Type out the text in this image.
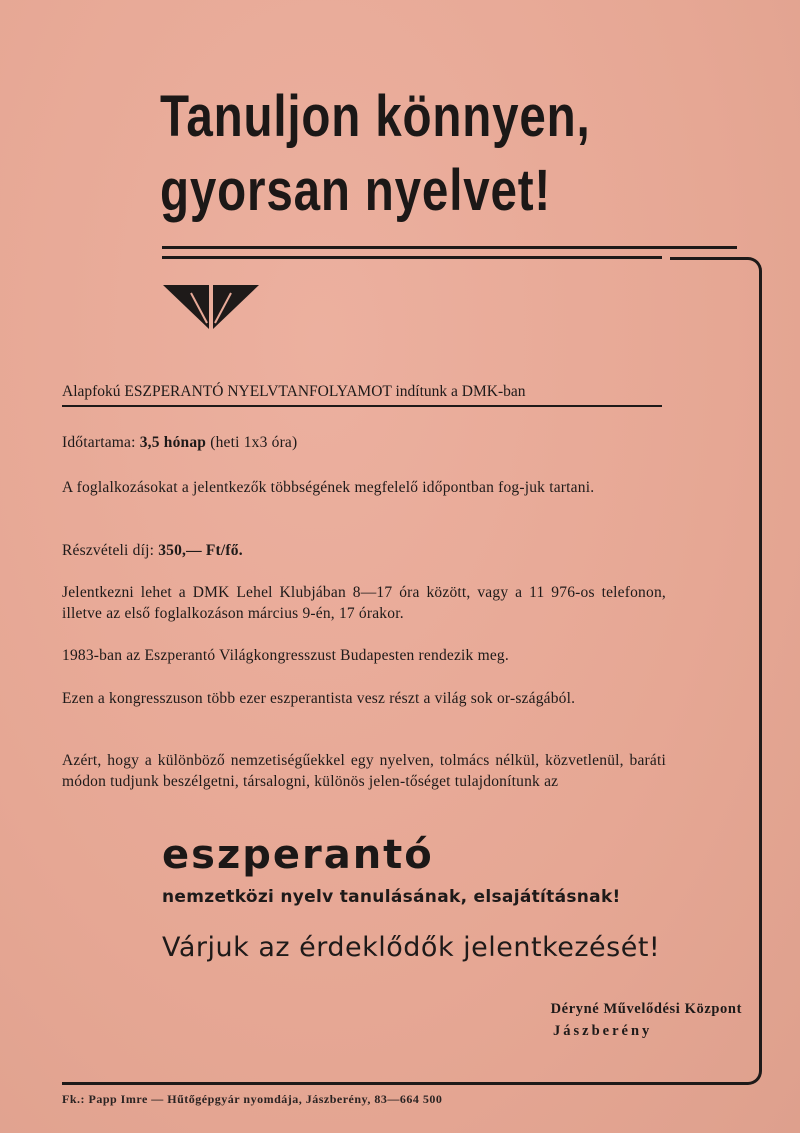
Tanuljon könnyen,
gyorsan nyelvet!
Alapfokú ESZPERANTÓ NYELVTANFOLYAMOT indítunk a DMK-ban
Időtartama: 3,5 hónap (heti 1x3 óra)
A foglalkozásokat a jelentkezők többségének megfelelő időpontban fog-juk tartani.
Részvételi díj: 350,— Ft/fő.
Jelentkezni lehet a DMK Lehel Klubjában 8—17 óra között, vagy a 11 976-os telefonon, illetve az első foglalkozáson március 9-én, 17 órakor.
1983-ban az Eszperantó Világkongresszust Budapesten rendezik meg.
Ezen a kongresszuson több ezer eszperantista vesz részt a világ sok or-szágából.
Azért, hogy a különböző nemzetiségűekkel egy nyelven, tolmács nélkül, közvetlenül, baráti módon tudjunk beszélgetni, társalogni, különös jelen-tőséget tulajdonítunk az
eszperantó
nemzetközi nyelv tanulásának, elsajátításnak!
Várjuk az érdeklődők jelentkezését!
Déryné Művelődési Központ
Jászberény
Fk.: Papp Imre — Hűtőgépgyár nyomdája, Jászberény, 83—664 500
